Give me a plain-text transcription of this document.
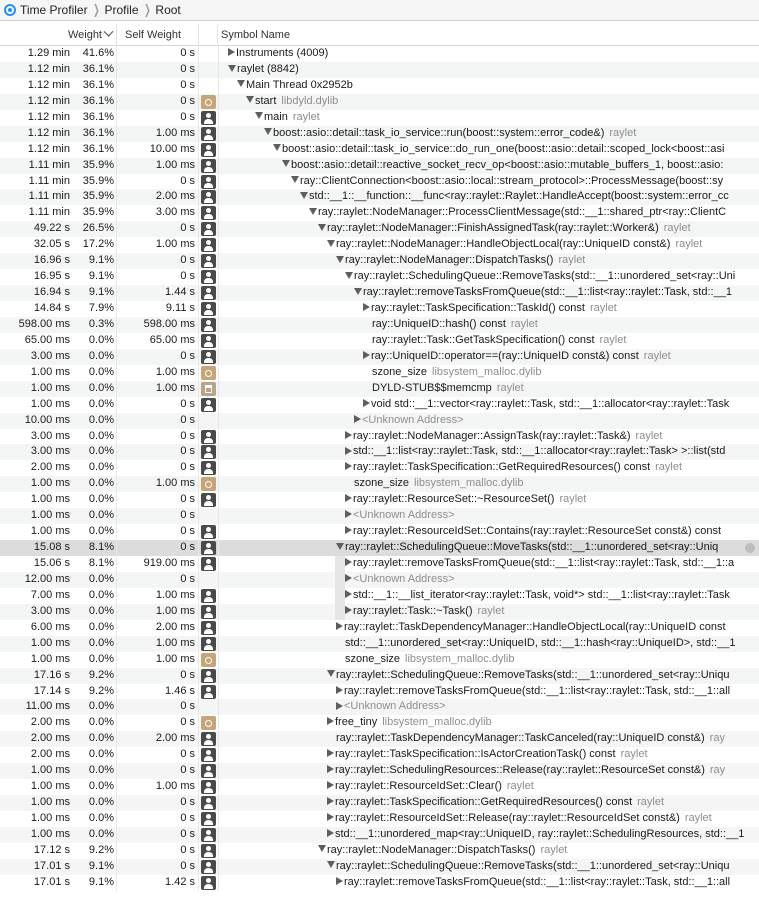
Time Profiler ❯ Profile ❯ Root
Weight	Self Weight	Symbol Name
1.29 min	41.6%	0 s	Instruments (4009)
1.12 min	36.1%	0 s	raylet (8842)
1.12 min	36.1%	0 s	Main Thread 0x2952b
1.12 min	36.1%	0 s	start libdyld.dylib
1.12 min	36.1%	0 s	main raylet
1.12 min	36.1%	1.00 ms	boost::asio::detail::task_io_service::run(boost::system::error_code&) raylet
1.12 min	36.1%	10.00 ms	boost::asio::detail::task_io_service::do_run_one(boost::asio::detail::scoped_lock<boost::asi
1.11 min	35.9%	1.00 ms	boost::asio::detail::reactive_socket_recv_op<boost::asio::mutable_buffers_1, boost::asio:
1.11 min	35.9%	0 s	ray::ClientConnection<boost::asio::local::stream_protocol>::ProcessMessage(boost::sy
1.11 min	35.9%	2.00 ms	std::__1::__function::__func<ray::raylet::Raylet::HandleAccept(boost::system::error_cc
1.11 min	35.9%	3.00 ms	ray::raylet::NodeManager::ProcessClientMessage(std::__1::shared_ptr<ray::ClientC
49.22 s	26.5%	0 s	ray::raylet::NodeManager::FinishAssignedTask(ray::raylet::Worker&) raylet
32.05 s	17.2%	1.00 ms	ray::raylet::NodeManager::HandleObjectLocal(ray::UniqueID const&) raylet
16.96 s	9.1%	0 s	ray::raylet::NodeManager::DispatchTasks() raylet
16.95 s	9.1%	0 s	ray::raylet::SchedulingQueue::RemoveTasks(std::__1::unordered_set<ray::Uni
16.94 s	9.1%	1.44 s	ray::raylet::removeTasksFromQueue(std::__1::list<ray::raylet::Task, std::__1
14.84 s	7.9%	9.11 s	ray::raylet::TaskSpecification::TaskId() const raylet
598.00 ms	0.3%	598.00 ms	ray::UniqueID::hash() const raylet
65.00 ms	0.0%	65.00 ms	ray::raylet::Task::GetTaskSpecification() const raylet
3.00 ms	0.0%	0 s	ray::UniqueID::operator==(ray::UniqueID const&) const raylet
1.00 ms	0.0%	1.00 ms	szone_size libsystem_malloc.dylib
1.00 ms	0.0%	1.00 ms	DYLD-STUB$$memcmp raylet
1.00 ms	0.0%	0 s	void std::__1::vector<ray::raylet::Task, std::__1::allocator<ray::raylet::Task
10.00 ms	0.0%	0 s	<Unknown Address>
3.00 ms	0.0%	0 s	ray::raylet::NodeManager::AssignTask(ray::raylet::Task&) raylet
3.00 ms	0.0%	0 s	std::__1::list<ray::raylet::Task, std::__1::allocator<ray::raylet::Task> >::list(std
2.00 ms	0.0%	0 s	ray::raylet::TaskSpecification::GetRequiredResources() const raylet
1.00 ms	0.0%	1.00 ms	szone_size libsystem_malloc.dylib
1.00 ms	0.0%	0 s	ray::raylet::ResourceSet::~ResourceSet() raylet
1.00 ms	0.0%	0 s	<Unknown Address>
1.00 ms	0.0%	0 s	ray::raylet::ResourceIdSet::Contains(ray::raylet::ResourceSet const&) const
15.08 s	8.1%	0 s	ray::raylet::SchedulingQueue::MoveTasks(std::__1::unordered_set<ray::Uniq
15.06 s	8.1%	919.00 ms	ray::raylet::removeTasksFromQueue(std::__1::list<ray::raylet::Task, std::__1::a
12.00 ms	0.0%	0 s	<Unknown Address>
7.00 ms	0.0%	1.00 ms	std::__1::__list_iterator<ray::raylet::Task, void*> std::__1::list<ray::raylet::Task
3.00 ms	0.0%	1.00 ms	ray::raylet::Task::~Task() raylet
6.00 ms	0.0%	2.00 ms	ray::raylet::TaskDependencyManager::HandleObjectLocal(ray::UniqueID const
1.00 ms	0.0%	1.00 ms	std::__1::unordered_set<ray::UniqueID, std::__1::hash<ray::UniqueID>, std::__1
1.00 ms	0.0%	1.00 ms	szone_size libsystem_malloc.dylib
17.16 s	9.2%	0 s	ray::raylet::SchedulingQueue::RemoveTasks(std::__1::unordered_set<ray::Uniqu
17.14 s	9.2%	1.46 s	ray::raylet::removeTasksFromQueue(std::__1::list<ray::raylet::Task, std::__1::all
11.00 ms	0.0%	0 s	<Unknown Address>
2.00 ms	0.0%	0 s	free_tiny libsystem_malloc.dylib
2.00 ms	0.0%	2.00 ms	ray::raylet::TaskDependencyManager::TaskCanceled(ray::UniqueID const&) ray
2.00 ms	0.0%	0 s	ray::raylet::TaskSpecification::IsActorCreationTask() const raylet
1.00 ms	0.0%	0 s	ray::raylet::SchedulingResources::Release(ray::raylet::ResourceSet const&) ray
1.00 ms	0.0%	1.00 ms	ray::raylet::ResourceIdSet::Clear() raylet
1.00 ms	0.0%	0 s	ray::raylet::TaskSpecification::GetRequiredResources() const raylet
1.00 ms	0.0%	0 s	ray::raylet::ResourceIdSet::Release(ray::raylet::ResourceIdSet const&) raylet
1.00 ms	0.0%	0 s	std::__1::unordered_map<ray::UniqueID, ray::raylet::SchedulingResources, std::__1
17.12 s	9.2%	0 s	ray::raylet::NodeManager::DispatchTasks() raylet
17.01 s	9.1%	0 s	ray::raylet::SchedulingQueue::RemoveTasks(std::__1::unordered_set<ray::Uniqu
17.01 s	9.1%	1.42 s	ray::raylet::removeTasksFromQueue(std::__1::list<ray::raylet::Task, std::__1::all
